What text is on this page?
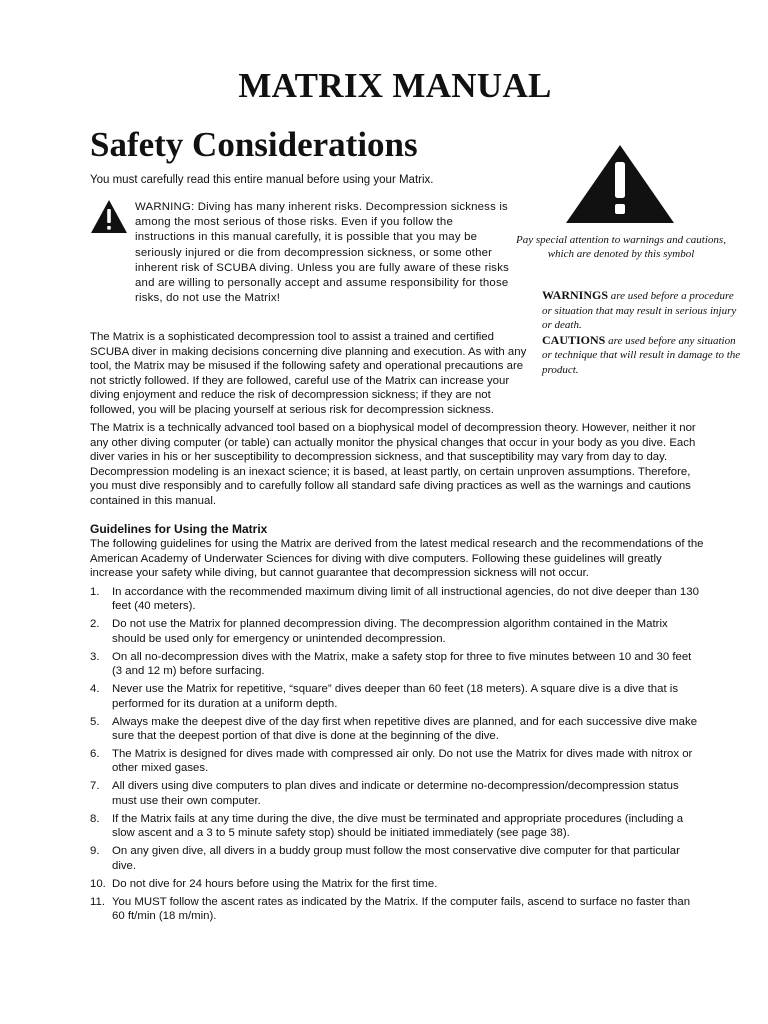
MATRIX MANUAL
Safety Considerations
You must carefully read this entire manual before using your Matrix.
WARNING: Diving has many inherent risks. Decompression sickness is among the most serious of those risks. Even if you follow the instructions in this manual carefully, it is possible that you may be seriously injured or die from decompression sickness, or some other inherent risk of SCUBA diving. Unless you are fully aware of these risks and are willing to personally accept and assume responsibility for those risks, do not use the Matrix!
Pay special attention to warnings and cautions, which are denoted by this symbol

WARNINGS are used before a procedure or situation that may result in serious injury or death.

CAUTIONS are used before any situation or technique that will result in damage to the product.

The Matrix is a sophisticated decompression tool to assist a trained and certified SCUBA diver in making decisions concerning dive planning and execution. As with any tool, the Matrix may be misused if the following safety and operational precautions are not strictly followed. If they are followed, careful use of the Matrix can increase your diving enjoyment and reduce the risk of decompression sickness; if they are not followed, you will be placing yourself at serious risk for decompression sickness.
The Matrix is a technically advanced tool based on a biophysical model of decompression theory. However, neither it nor any other diving computer (or table) can actually monitor the physical changes that occur in your body as you dive. Each diver varies in his or her susceptibility to decompression sickness, and that susceptibility may vary from day to day. Decompression modeling is an inexact science; it is based, at least partly, on certain unproven assumptions. Therefore, you must dive responsibly and to carefully follow all standard safe diving practices as well as the warnings and cautions contained in this manual.
Guidelines for Using the Matrix
The following guidelines for using the Matrix are derived from the latest medical research and the recommendations of the American Academy of Underwater Sciences for diving with dive computers. Following these guidelines will greatly increase your safety while diving, but cannot guarantee that decompression sickness will not occur.
1. In accordance with the recommended maximum diving limit of all instructional agencies, do not dive deeper than 130 feet (40 meters).
2. Do not use the Matrix for planned decompression diving. The decompression algorithm contained in the Matrix should be used only for emergency or unintended decompression.
3. On all no-decompression dives with the Matrix, make a safety stop for three to five minutes between 10 and 30 feet (3 and 12 m) before surfacing.
4. Never use the Matrix for repetitive, “square” dives deeper than 60 feet (18 meters). A square dive is a dive that is performed for its duration at a uniform depth.
5. Always make the deepest dive of the day first when repetitive dives are planned, and for each successive dive make sure that the deepest portion of that dive is done at the beginning of the dive.
6. The Matrix is designed for dives made with compressed air only. Do not use the Matrix for dives made with nitrox or other mixed gases.
7. All divers using dive computers to plan dives and indicate or determine no-decompression/decompression status must use their own computer.
8. If the Matrix fails at any time during the dive, the dive must be terminated and appropriate procedures (including a slow ascent and a 3 to 5 minute safety stop) should be initiated immediately (see page 38).
9. On any given dive, all divers in a buddy group must follow the most conservative dive computer for that particular dive.
10. Do not dive for 24 hours before using the Matrix for the first time.
11. You MUST follow the ascent rates as indicated by the Matrix. If the computer fails, ascend to surface no faster than 60 ft/min (18 m/min).
